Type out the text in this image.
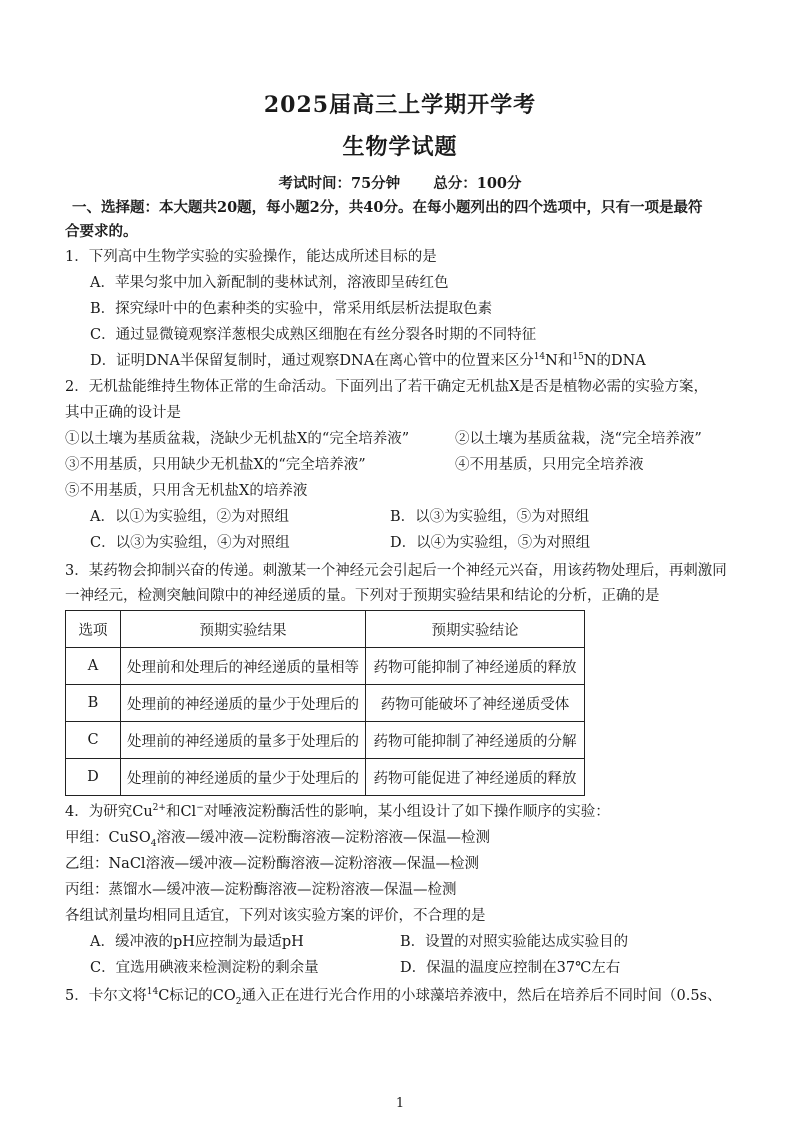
2025届高三上学期开学考
生物学试题
考试时间：75分钟 总分：100分
一、选择题：本大题共20题，每小题2分，共40分。在每小题列出的四个选项中，只有一项是最符
合要求的。
1．下列高中生物学实验的实验操作，能达成所述目标的是
A．苹果匀浆中加入新配制的斐林试剂，溶液即呈砖红色
B．探究绿叶中的色素种类的实验中，常采用纸层析法提取色素
C．通过显微镜观察洋葱根尖成熟区细胞在有丝分裂各时期的不同特征
D．证明DNA半保留复制时，通过观察DNA在离心管中的位置来区分$^{14}$N和$^{15}$N的DNA
2．无机盐能维持生物体正常的生命活动。下面列出了若干确定无机盐X是否是植物必需的实验方案，
其中正确的设计是
①以土壤为基质盆栽，浇缺少无机盐X的“完全培养液”	②以土壤为基质盆栽，浇“完全培养液”
③不用基质，只用缺少无机盐X的“完全培养液”	④不用基质，只用完全培养液
⑤不用基质，只用含无机盐X的培养液
A．以①为实验组，②为对照组	B．以③为实验组，⑤为对照组
C．以③为实验组，④为对照组	D．以④为实验组，⑤为对照组
3．某药物会抑制兴奋的传递。刺激某一个神经元会引起后一个神经元兴奋，用该药物处理后，再刺激同
一神经元，检测突触间隙中的神经递质的量。下列对于预期实验结果和结论的分析，正确的是
选项	预期实验结果	预期实验结论
A	处理前和处理后的神经递质的量相等	药物可能抑制了神经递质的释放
B	处理前的神经递质的量少于处理后的	药物可能破坏了神经递质受体
C	处理前的神经递质的量多于处理后的	药物可能抑制了神经递质的分解
D	处理前的神经递质的量少于处理后的	药物可能促进了神经递质的释放
4．为研究$Cu^{2+}$和Cl−对唾液淀粉酶活性的影响，某小组设计了如下操作顺序的实验：
甲组：CuSO$_4$溶液—缓冲液—淀粉酶溶液—淀粉溶液—保温—检测
乙组：NaCl溶液—缓冲液—淀粉酶溶液—淀粉溶液—保温—检测
丙组：蒸馏水—缓冲液—淀粉酶溶液—淀粉溶液—保温—检测
各组试剂量均相同且适宜，下列对该实验方案的评价，不合理的是
A．缓冲液的pH应控制为最适pH	B．设置的对照实验能达成实验目的
C．宜选用碘液来检测淀粉的剩余量	D．保温的温度应控制在37℃左右
5．卡尔文将$^{14}$C标记的$CO_2$通入正在进行光合作用的小球藻培养液中，然后在培养后不同时间（0.5s、
1
